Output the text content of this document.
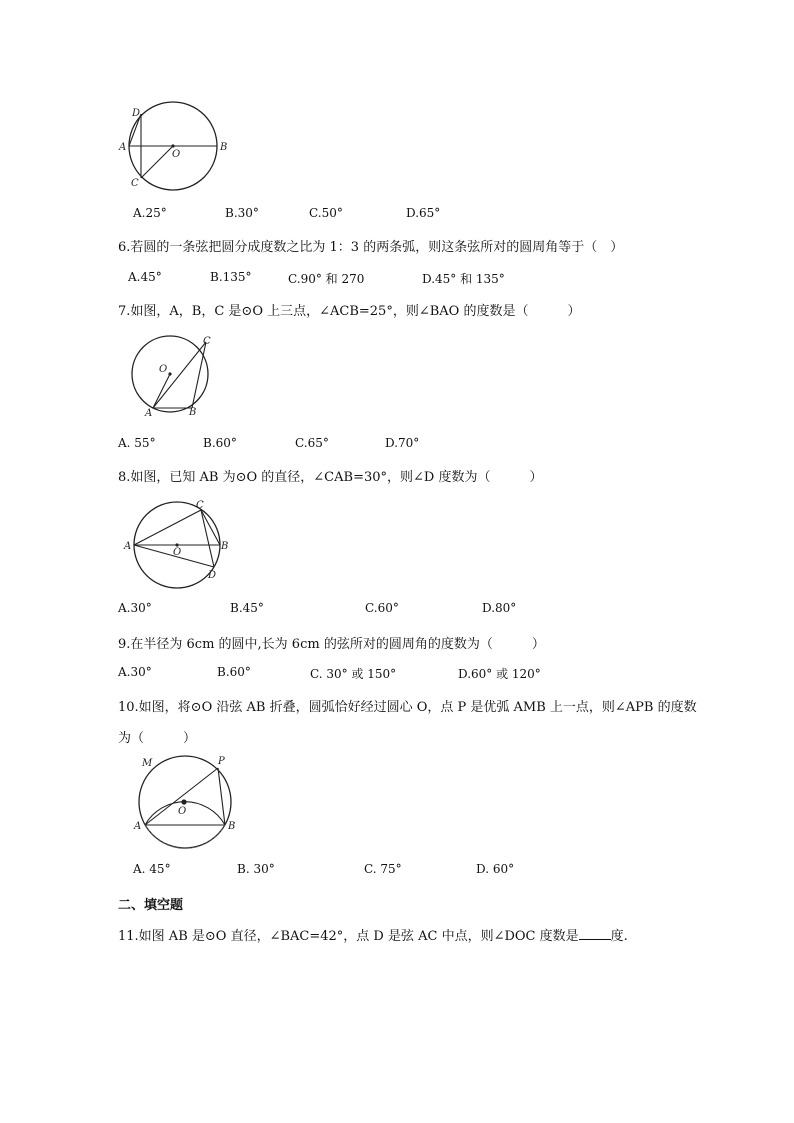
D
A
O
B
C
A.25°	B.30°	C.50°	D.65°
6.若圆的一条弦把圆分成度数之比为 1：3 的两条弧，则这条弦所对的圆周角等于（　）
A.45°	B.135°	C.90° 和 270	D.45° 和 135°
7.如图，A，B，C 是⊙O 上三点，∠ACB=25°，则∠BAO 的度数是（　　　）
C
O
A	B
A. 55°	B.60°	C.65°	D.70°
8.如图，已知 AB 为⊙O 的直径，∠CAB=30°，则∠D 度数为（　　　）
C
A
O
B
D
A.30°	B.45°	C.60°	D.80°
9.在半径为 6cm 的圆中,长为 6cm 的弦所对的圆周角的度数为（　　　）
A.30°	B.60°	C. 30° 或 150°	D.60° 或 120°
10.如图，将⊙O 沿弦 AB 折叠，圆弧恰好经过圆心 O，点 P 是优弧 AMB 上一点，则∠APB 的度数
为（　　　）
M	P
O
A	B
A. 45°	B. 30°	C. 75°	D. 60°
二、填空题
11.如图 AB 是⊙O 直径，∠BAC=42°，点 D 是弦 AC 中点，则∠DOC 度数是 度.
